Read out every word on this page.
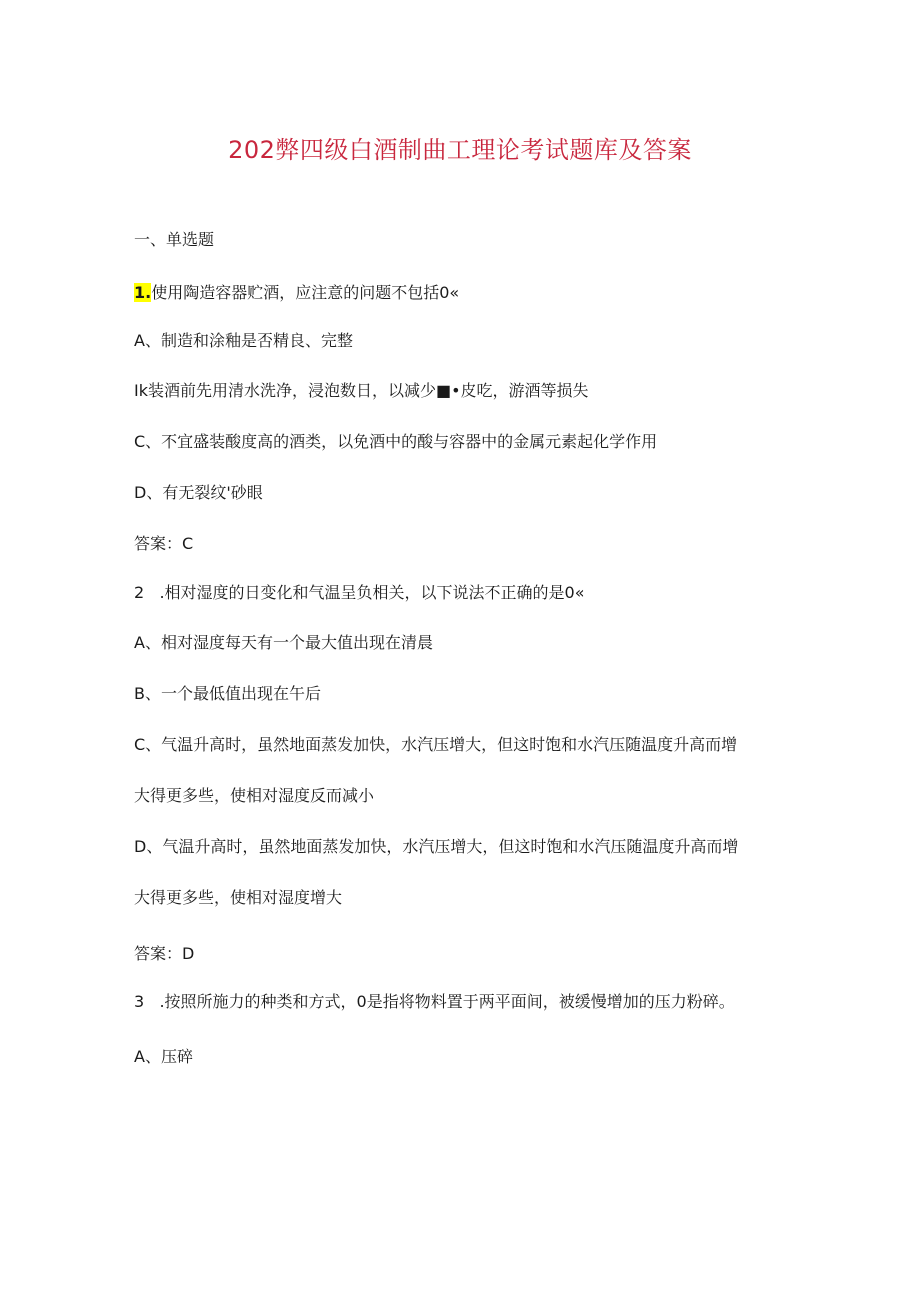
202弊四级白酒制曲工理论考试题库及答案
一、单选题
1.使用陶造容器贮酒，应注意的问题不包括0«
A、制造和涂釉是否精良、完整
Ik装酒前先用清水洗净，浸泡数日，以减少■•皮吃，游酒等损失
C、不宜盛装酸度高的酒类，以免酒中的酸与容器中的金属元素起化学作用
D、有无裂纹'砂眼
答案：C
2 .相对湿度的日变化和气温呈负相关，以下说法不正确的是0«
A、相对湿度每天有一个最大值出现在清晨
B、一个最低值出现在午后
C、气温升高时，虽然地面蒸发加快，水汽压增大，但这时饱和水汽压随温度升高而增
大得更多些，使相对湿度反而减小
D、气温升高时，虽然地面蒸发加快，水汽压增大，但这时饱和水汽压随温度升高而增
大得更多些，使相对湿度增大
答案：D
3 .按照所施力的种类和方式，0是指将物料置于两平面间，被缓慢增加的压力粉碎。
A、压碎
